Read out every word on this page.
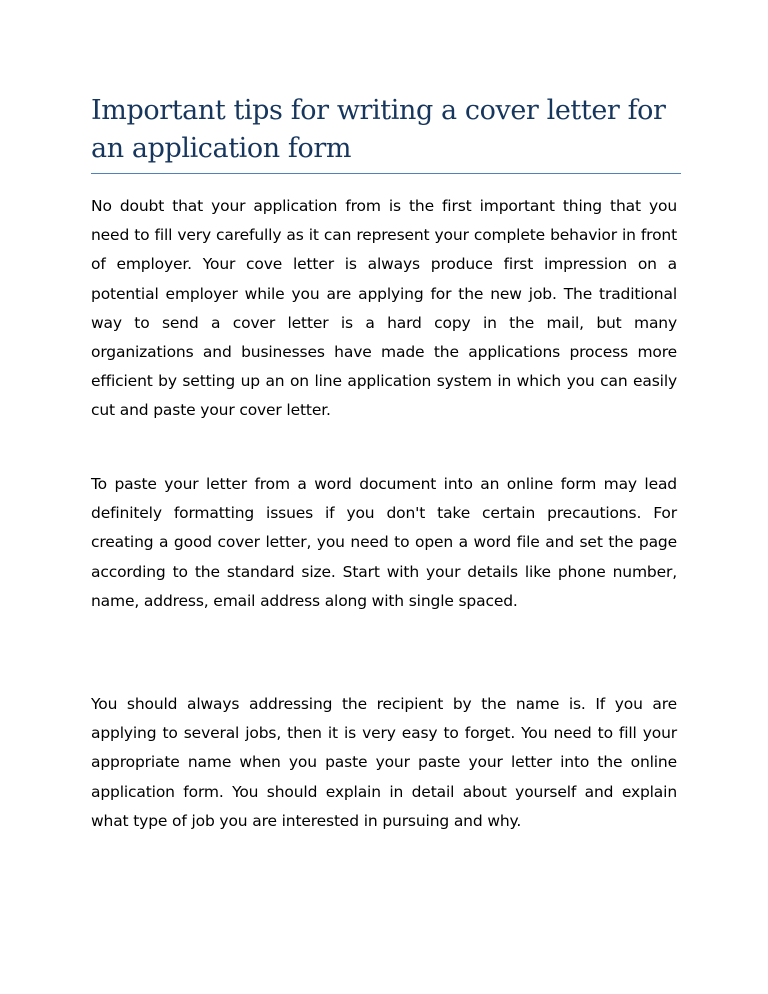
Important tips for writing a cover letter for an application form

No doubt that your application from is the first important thing that you need to fill very carefully as it can represent your complete behavior in front of employer. Your cove letter is always produce first impression on a potential employer while you are applying for the new job. The traditional way to send a cover letter is a hard copy in the mail, but many organizations and businesses have made the applications process more efficient by setting up an on line application system in which you can easily cut and paste your cover letter.

To paste your letter from a word document into an online form may lead definitely formatting issues if you don't take certain precautions. For creating a good cover letter, you need to open a word file and set the page according to the standard size. Start with your details like phone number, name, address, email address along with single spaced.

You should always addressing the recipient by the name is. If you are applying to several jobs, then it is very easy to forget. You need to fill your appropriate name when you paste your paste your letter into the online application form. You should explain in detail about yourself and explain what type of job you are interested in pursuing and why.
